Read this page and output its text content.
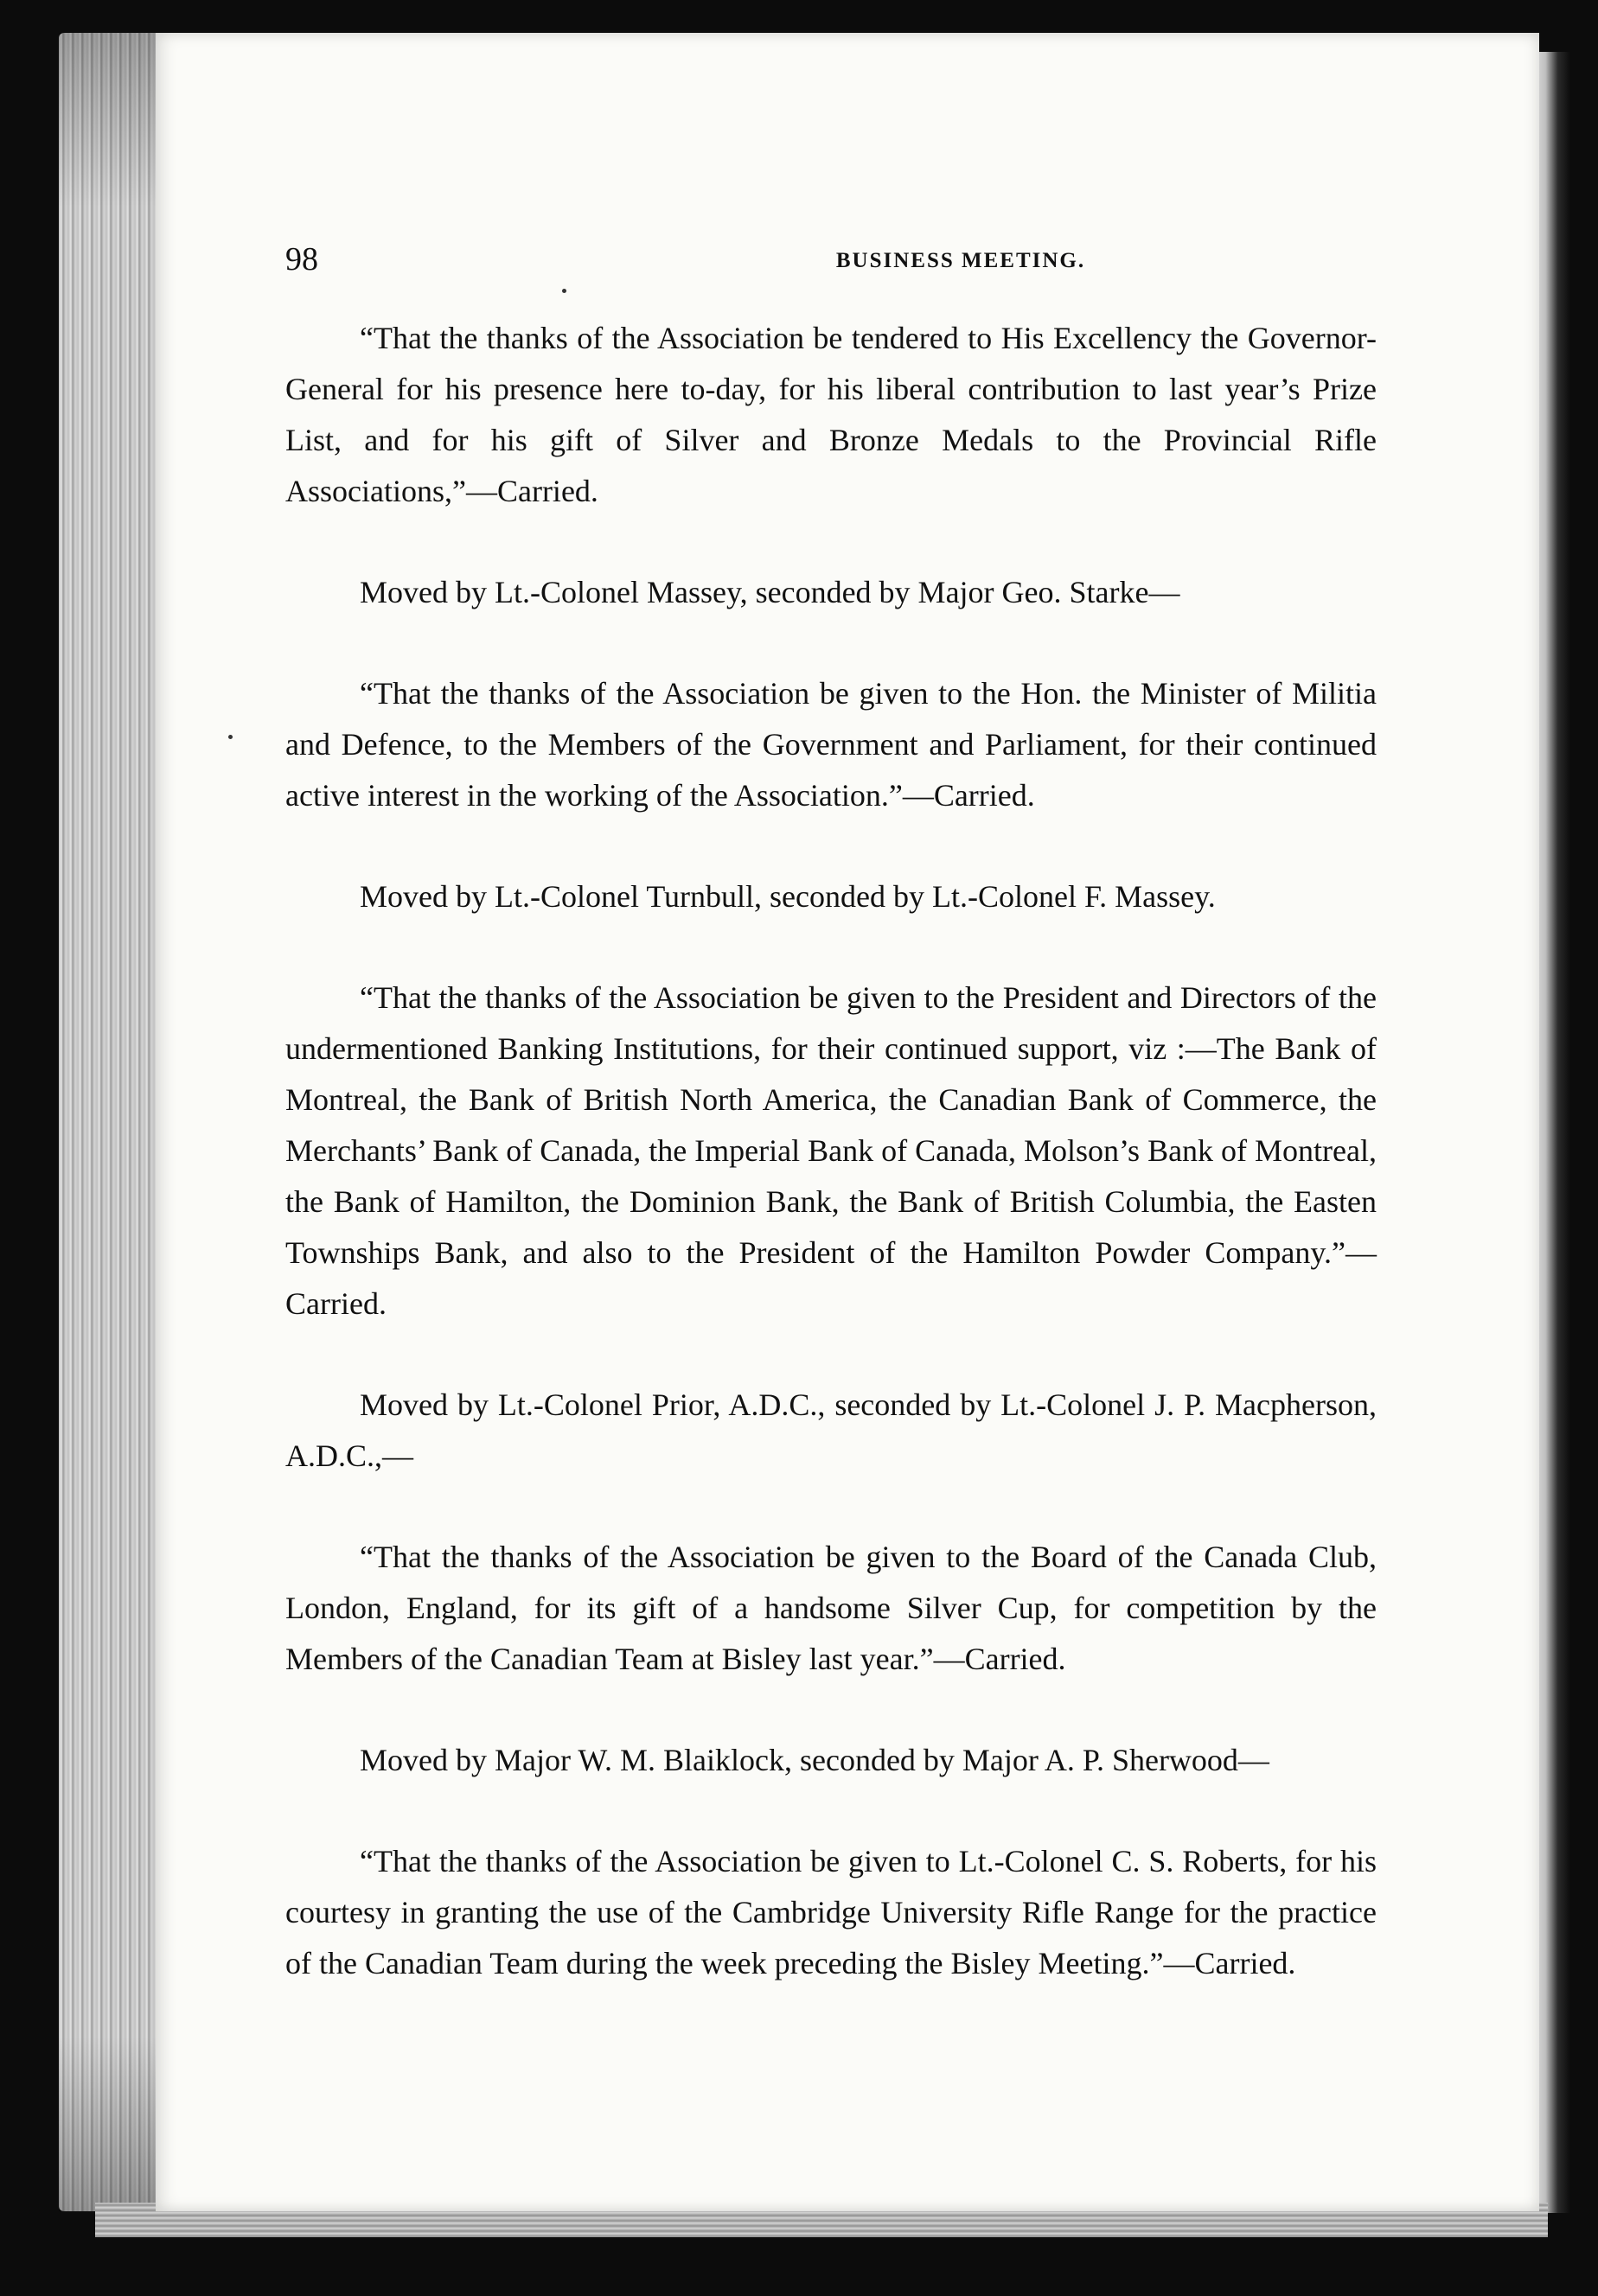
98	BUSINESS MEETING.

“That the thanks of the Association be tendered to His Excellency the Governor-General for his presence here to-day, for his liberal contribution to last year’s Prize List, and for his gift of Silver and Bronze Medals to the Provincial Rifle Associations,”—Carried.

Moved by Lt.-Colonel Massey, seconded by Major Geo. Starke—

“That the thanks of the Association be given to the Hon. the Minister of Militia and Defence, to the Members of the Government and Parliament, for their continued active interest in the working of the Association.”—Carried.

Moved by Lt.-Colonel Turnbull, seconded by Lt.-Colonel F. Massey.

“That the thanks of the Association be given to the President and Directors of the undermentioned Banking Institutions, for their continued support, viz :—The Bank of Montreal, the Bank of British North America, the Canadian Bank of Commerce, the Merchants’ Bank of Canada, the Imperial Bank of Canada, Molson’s Bank of Montreal, the Bank of Hamilton, the Dominion Bank, the Bank of British Columbia, the Easten Townships Bank, and also to the President of the Hamilton Powder Company.”—Carried.

Moved by Lt.-Colonel Prior, A.D.C., seconded by Lt.-Colonel J. P. Macpherson, A.D.C.,—

“That the thanks of the Association be given to the Board of the Canada Club, London, England, for its gift of a handsome Silver Cup, for competition by the Members of the Canadian Team at Bisley last year.”—Carried.

Moved by Major W. M. Blaiklock, seconded by Major A. P. Sherwood—

“That the thanks of the Association be given to Lt.-Colonel C. S. Roberts, for his courtesy in granting the use of the Cambridge University Rifle Range for the practice of the Canadian Team during the week preceding the Bisley Meeting.”—Carried.
